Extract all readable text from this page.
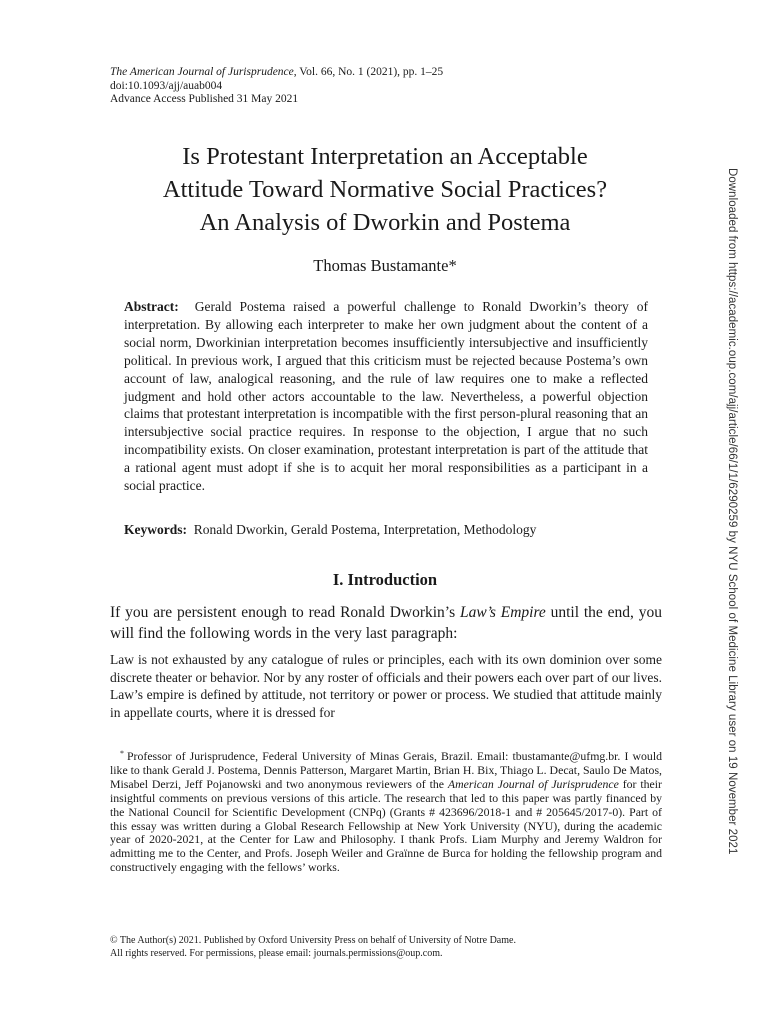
The American Journal of Jurisprudence, Vol. 66, No. 1 (2021), pp. 1–25
doi:10.1093/ajj/auab004
Advance Access Published 31 May 2021
Is Protestant Interpretation an Acceptable
Attitude Toward Normative Social Practices?
An Analysis of Dworkin and Postema
Thomas Bustamante*

Abstract: Gerald Postema raised a powerful challenge to Ronald Dworkin’s theory of interpretation. By allowing each interpreter to make her own judgment about the content of a social norm, Dworkinian interpretation becomes insufficiently intersubjective and insufficiently political. In previous work, I argued that this criticism must be rejected because Postema’s own account of law, analogical reasoning, and the rule of law requires one to make a reflected judgment and hold other actors accountable to the law. Nevertheless, a powerful objection claims that protestant interpretation is incompatible with the first person-plural reasoning that an intersubjective social practice requires. In response to the objection, I argue that no such incompatibility exists. On closer examination, protestant interpretation is part of the attitude that a rational agent must adopt if she is to acquit her moral responsibilities as a participant in a social practice.

Keywords: Ronald Dworkin, Gerald Postema, Interpretation, Methodology
I. Introduction

If you are persistent enough to read Ronald Dworkin’s Law’s Empire until the end, you will find the following words in the very last paragraph:

Law is not exhausted by any catalogue of rules or principles, each with its own dominion over some discrete theater or behavior. Nor by any roster of officials and their powers each over part of our lives. Law’s empire is defined by attitude, not territory or power or process. We studied that attitude mainly in appellate courts, where it is dressed for

* Professor of Jurisprudence, Federal University of Minas Gerais, Brazil. Email: tbustamante@ufmg.br. I would like to thank Gerald J. Postema, Dennis Patterson, Margaret Martin, Brian H. Bix, Thiago L. Decat, Saulo De Matos, Misabel Derzi, Jeff Pojanowski and two anonymous reviewers of the American Journal of Jurisprudence for their insightful comments on previous versions of this article. The research that led to this paper was partly financed by the National Council for Scientific Development (CNPq) (Grants # 423696/2018-1 and # 205645/2017-0). Part of this essay was written during a Global Research Fellowship at New York University (NYU), during the academic year of 2020-2021, at the Center for Law and Philosophy. I thank Profs. Liam Murphy and Jeremy Waldron for admitting me to the Center, and Profs. Joseph Weiler and Graïnne de Burca for holding the fellowship program and constructively engaging with the fellows’ works.

© The Author(s) 2021. Published by Oxford University Press on behalf of University of Notre Dame.
All rights reserved. For permissions, please email: journals.permissions@oup.com.
Downloaded from https://academic.oup.com/ajj/article/66/1/1/6290259 by NYU School of Medicine Library user on 19 November 2021
